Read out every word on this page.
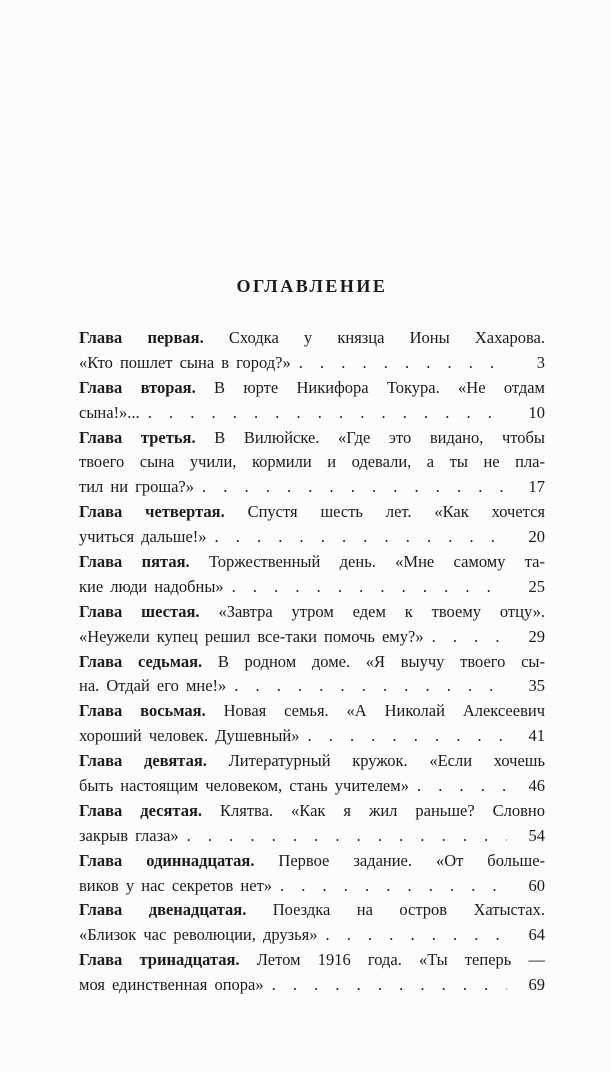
ОГЛАВЛЕНИЕ
Глава первая. Сходка у князца Ионы Хахарова.
«Кто пошлет сына в город?» . . .	3
Глава вторая. В юрте Никифора Токура. «Не отдам
сына!»... . . .	10
Глава третья. В Вилюйске. «Где это видано, чтобы
твоего сына учили, кормили и одевали, а ты не пла-
тил ни гроша?» . . .	17
Глава четвертая. Спустя шесть лет. «Как хочется
учиться дальше!» . . .	20
Глава пятая. Торжественный день. «Мне самому та-
кие люди надобны» . . .	25
Глава шестая. «Завтра утром едем к твоему отцу».
«Неужели купец решил все-таки помочь ему?» . . .	29
Глава седьмая. В родном доме. «Я выучу твоего сы-
на. Отдай его мне!» . . .	35
Глава восьмая. Новая семья. «А Николай Алексеевич
хороший человек. Душевный» . . .	41
Глава девятая. Литературный кружок. «Если хочешь
быть настоящим человеком, стань учителем» . . .	46
Глава десятая. Клятва. «Как я жил раньше? Словно
закрыв глаза» . . .	54
Глава одиннадцатая. Первое задание. «От больше-
виков у нас секретов нет» . . .	60
Глава двенадцатая. Поездка на остров Хатыстах.
«Близок час революции, друзья» . . .	64
Глава тринадцатая. Летом 1916 года. «Ты теперь —
моя единственная опора» . . .	69
